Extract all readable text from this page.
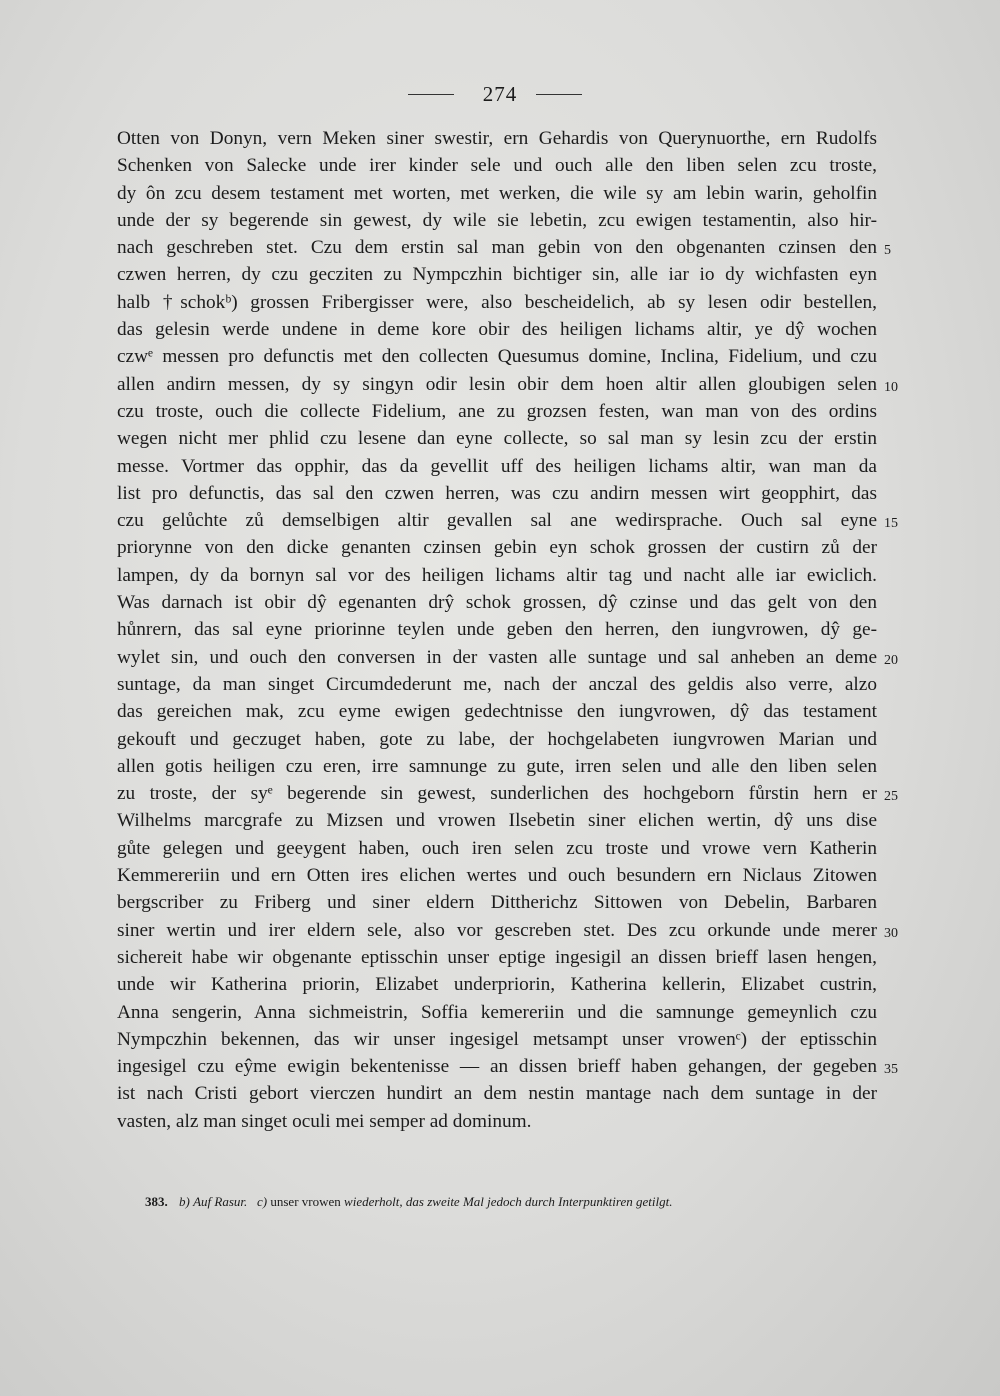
274
Otten von Donyn, vern Meken siner swestir, ern Gehardis von Querynuorthe, ern Rudolfs
Schenken von Salecke unde irer kinder sele und ouch alle den liben selen zcu troste,
dy ôn zcu desem testament met worten, met werken, die wile sy am lebin warin, geholfin
unde der sy begerende sin gewest, dy wile sie lebetin, zcu ewigen testamentin, also hir-
nach geschreben stet. Czu dem erstin sal man gebin von den obgenanten czinsen den
czwen herren, dy czu gecziten zu Nympczhin bichtiger sin, alle iar io dy wichfasten eyn
halb †schokᵇ) grossen Fribergisser were, also bescheidelich, ab sy lesen odir bestellen,
das gelesin werde undene in deme kore obir des heiligen lichams altir, ye dŷ wochen
czwᵉ messen pro defunctis met den collecten Quesumus domine, Inclina, Fidelium, und czu
allen andirn messen, dy sy singyn odir lesin obir dem hoen altir allen gloubigen selen
czu troste, ouch die collecte Fidelium, ane zu grozsen festen, wan man von des ordins
wegen nicht mer phlid czu lesene dan eyne collecte, so sal man sy lesin zcu der erstin
messe. Vortmer das opphir, das da gevellit uff des heiligen lichams altir, wan man da
list pro defunctis, das sal den czwen herren, was czu andirn messen wirt geopphirt, das
czu gelůchte zů demselbigen altir gevallen sal ane wedirsprache. Ouch sal eyne
priorynne von den dicke genanten czinsen gebin eyn schok grossen der custirn zů der
lampen, dy da bornyn sal vor des heiligen lichams altir tag und nacht alle iar ewiclich.
Was darnach ist obir dŷ egenanten drŷ schok grossen, dŷ czinse und das gelt von den
hůnrern, das sal eyne priorinne teylen unde geben den herren, den iungvrowen, dŷ ge-
wylet sin, und ouch den conversen in der vasten alle suntage und sal anheben an deme
suntage, da man singet Circumdederunt me, nach der anczal des geldis also verre, alzo
das gereichen mak, zcu eyme ewigen gedechtnisse den iungvrowen, dŷ das testament
gekouft und geczuget haben, gote zu labe, der hochgelabeten iungvrowen Marian und
allen gotis heiligen czu eren, irre samnunge zu gute, irren selen und alle den liben selen
zu troste, der syᵉ begerende sin gewest, sunderlichen des hochgeborn fůrstin hern er
Wilhelms marcgrafe zu Mizsen und vrowen Ilsebetin siner elichen wertin, dŷ uns dise
gůte gelegen und geeygent haben, ouch iren selen zcu troste und vrowe vern Katherin
Kemmereriin und ern Otten ires elichen wertes und ouch besundern ern Niclaus Zitowen
bergscriber zu Friberg und siner eldern Dittherichz Sittowen von Debelin, Barbaren
siner wertin und irer eldern sele, also vor gescreben stet. Des zcu orkunde unde merer
sichereit habe wir obgenante eptisschin unser eptige ingesigil an dissen brieff lasen hengen,
unde wir Katherina priorin, Elizabet underpriorin, Katherina kellerin, Elizabet custrin,
Anna sengerin, Anna sichmeistrin, Soffia kemereriin und die samnunge gemeynlich czu
Nympczhin bekennen, das wir unser ingesigel metsampt unser vrowenᶜ) der eptisschin
ingesigel czu eŷme ewigin bekentenisse — an dissen brieff haben gehangen, der gegeben
ist nach Cristi gebort vierczen hundirt an dem nestin mantage nach dem suntage in der
vasten, alz man singet oculi mei semper ad dominum.
5
10
15
20
25
30
35
383. b) Auf Rasur. c) unser vrowen wiederholt, das zweite Mal jedoch durch Interpunktiren getilgt.
